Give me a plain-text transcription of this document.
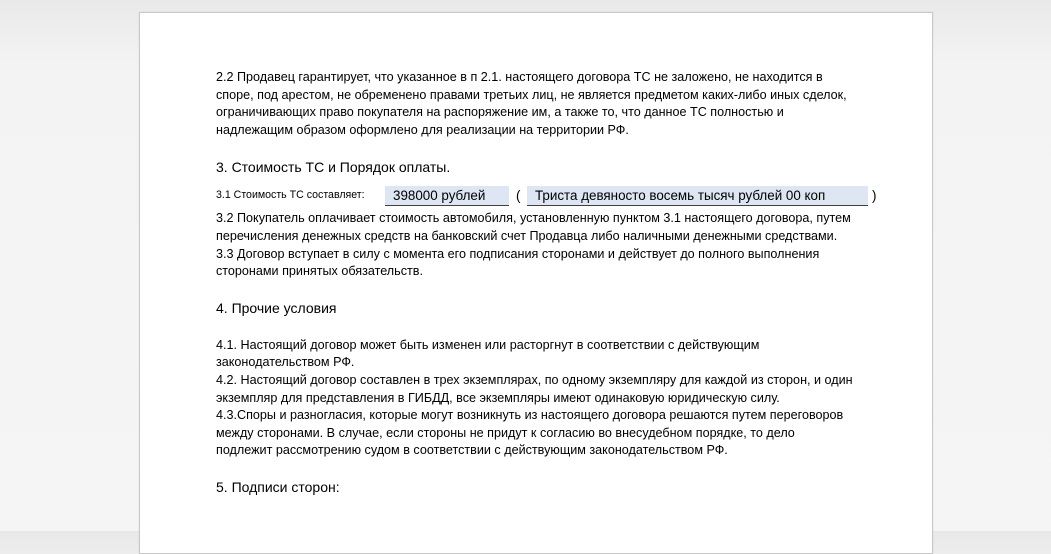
2.2 Продавец гарантирует, что указанное в п 2.1. настоящего договора ТС не заложено, не находится в

споре, под арестом, не обременено правами третьих лиц, не является предметом каких-либо иных сделок,

ограничивающих право покупателя на распоряжение им, а также то, что данное ТС полностью и

надлежащим образом оформлено для реализации на территории РФ.

3. Стоимость ТС и Порядок оплаты.

3.1 Стоимость ТС составляет:	398000 рублей	(	Триста девяносто восемь тысяч рублей 00 коп	)

3.2 Покупатель оплачивает стоимость автомобиля, установленную пунктом 3.1 настоящего договора, путем

перечисления денежных средств на банковский счет Продавца либо наличными денежными средствами.

3.3 Договор вступает в силу с момента его подписания сторонами и действует до полного выполнения

сторонами принятых обязательств.

4. Прочие условия

4.1. Настоящий договор может быть изменен или расторгнут в соответствии с действующим

законодательством РФ.

4.2. Настоящий договор составлен в трех экземплярах, по одному экземпляру для каждой из сторон, и один

экземпляр для представления в ГИБДД, все экземпляры имеют одинаковую юридическую силу.

4.3.Споры и разногласия, которые могут возникнуть из настоящего договора решаются путем переговоров

между сторонами. В случае, если стороны не придут к согласию во внесудебном порядке, то дело

подлежит рассмотрению судом в соответствии с действующим законодательством РФ.

5. Подписи сторон:
